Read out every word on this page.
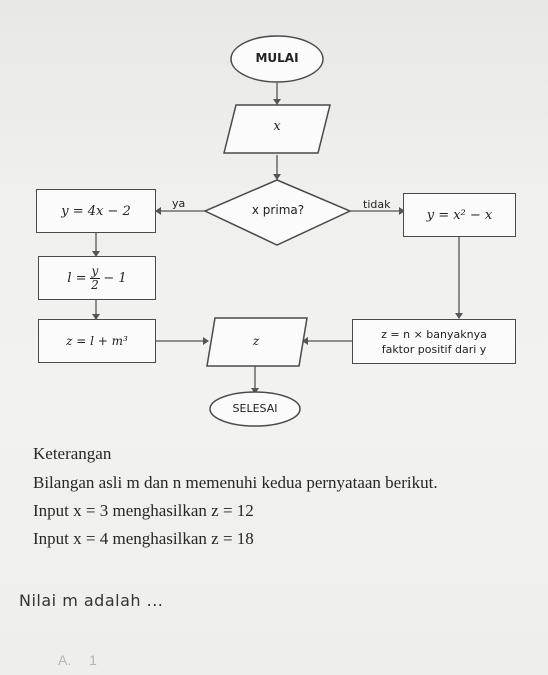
MULAI
x
x prima?
ya	tidak
y = 4x − 2
$l = \frac{y}{2} - 1$
z = l + m³
y = x² − x
z = n × banyaknya
faktor positif dari y
z
SELESAI
Keterangan
Bilangan asli m dan n memenuhi kedua pernyataan berikut.
Input x = 3 menghasilkan z = 12
Input x = 4 menghasilkan z = 18
Nilai m adalah ...
A. 1
